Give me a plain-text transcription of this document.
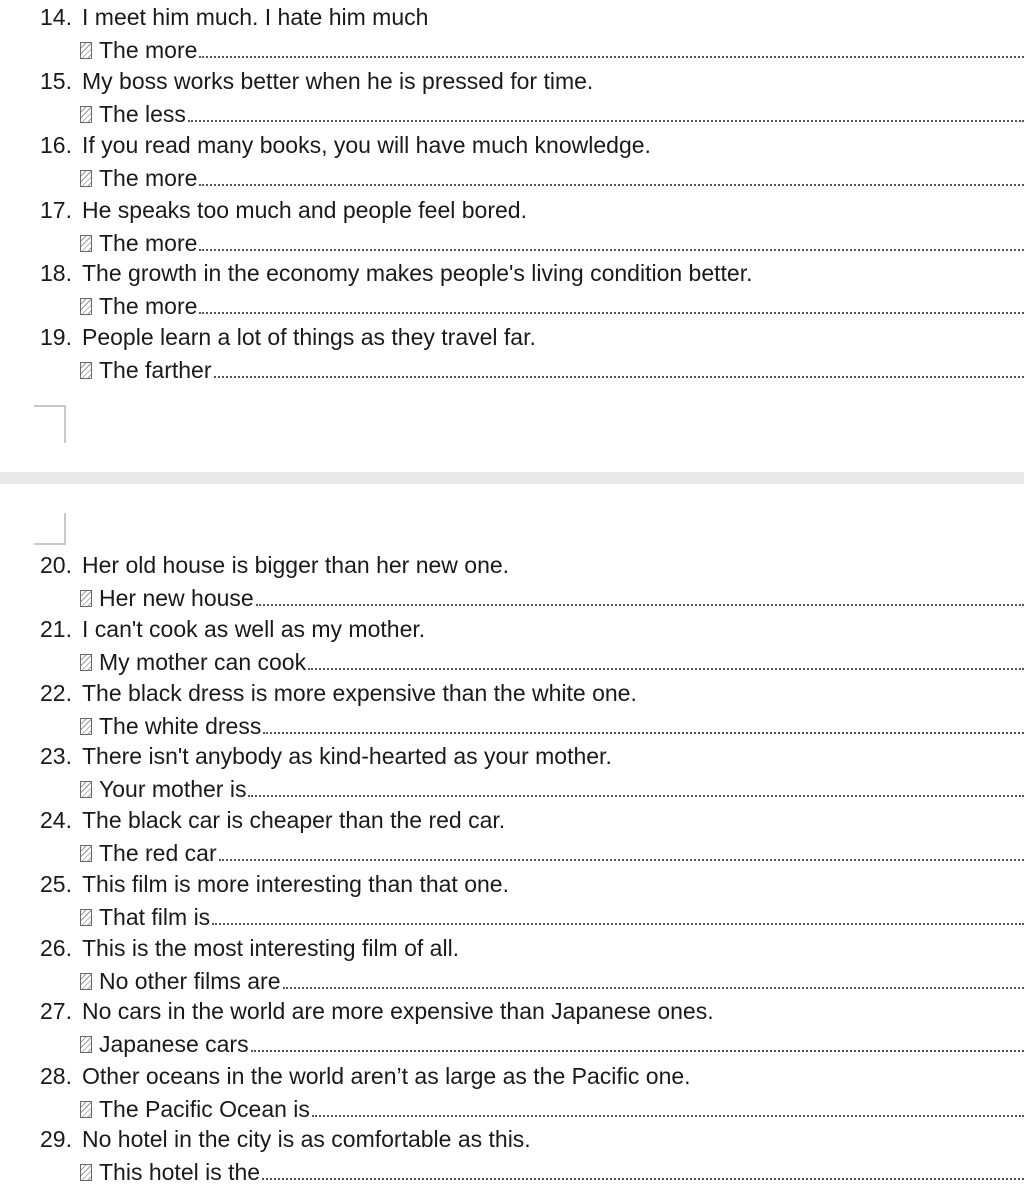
14. I meet him much. I hate him much
The more
15. My boss works better when he is pressed for time.
The less
16. If you read many books, you will have much knowledge.
The more
17. He speaks too much and people feel bored.
The more
18. The growth in the economy makes people's living condition better.
The more
19. People learn a lot of things as they travel far.
The farther
20. Her old house is bigger than her new one.
Her new house
21. I can't cook as well as my mother.
My mother can cook
22. The black dress is more expensive than the white one.
The white dress
23. There isn't anybody as kind-hearted as your mother.
Your mother is
24. The black car is cheaper than the red car.
The red car
25. This film is more interesting than that one.
That film is
26. This is the most interesting film of all.
No other films are
27. No cars in the world are more expensive than Japanese ones.
Japanese cars
28. Other oceans in the world aren’t as large as the Pacific one.
The Pacific Ocean is
29. No hotel in the city is as comfortable as this.
This hotel is the
